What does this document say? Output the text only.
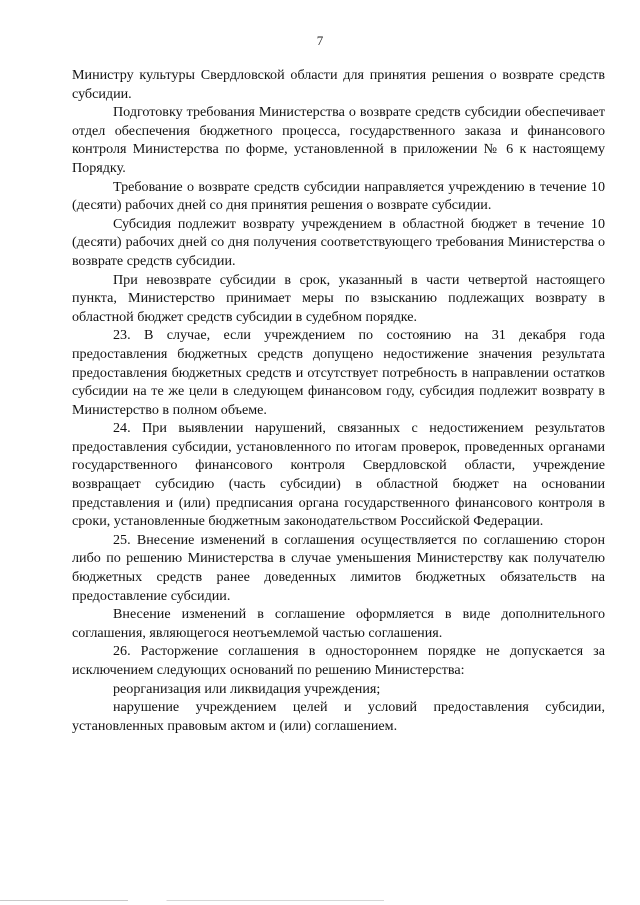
7

Министру культуры Свердловской области для принятия решения о возврате средств субсидии.

Подготовку требования Министерства о возврате средств субсидии обеспечивает отдел обеспечения бюджетного процесса, государственного заказа и финансового контроля Министерства по форме, установленной в приложении № 6 к настоящему Порядку.

Требование о возврате средств субсидии направляется учреждению в течение 10 (десяти) рабочих дней со дня принятия решения о возврате субсидии.

Субсидия подлежит возврату учреждением в областной бюджет в течение 10 (десяти) рабочих дней со дня получения соответствующего требования Министерства о возврате средств субсидии.

При невозврате субсидии в срок, указанный в части четвертой настоящего пункта, Министерство принимает меры по взысканию подлежащих возврату в областной бюджет средств субсидии в судебном порядке.

23. В случае, если учреждением по состоянию на 31 декабря года предоставления бюджетных средств допущено недостижение значения результата предоставления бюджетных средств и отсутствует потребность в направлении остатков субсидии на те же цели в следующем финансовом году, субсидия подлежит возврату в Министерство в полном объеме.

24. При выявлении нарушений, связанных с недостижением результатов предоставления субсидии, установленного по итогам проверок, проведенных органами государственного финансового контроля Свердловской области, учреждение возвращает субсидию (часть субсидии) в областной бюджет на основании представления и (или) предписания органа государственного финансового контроля в сроки, установленные бюджетным законодательством Российской Федерации.

25. Внесение изменений в соглашения осуществляется по соглашению сторон либо по решению Министерства в случае уменьшения Министерству как получателю бюджетных средств ранее доведенных лимитов бюджетных обязательств на предоставление субсидии.

Внесение изменений в соглашение оформляется в виде дополнительного соглашения, являющегося неотъемлемой частью соглашения.

26. Расторжение соглашения в одностороннем порядке не допускается за исключением следующих оснований по решению Министерства:

реорганизация или ликвидация учреждения;

нарушение учреждением целей и условий предоставления субсидии, установленных правовым актом и (или) соглашением.
